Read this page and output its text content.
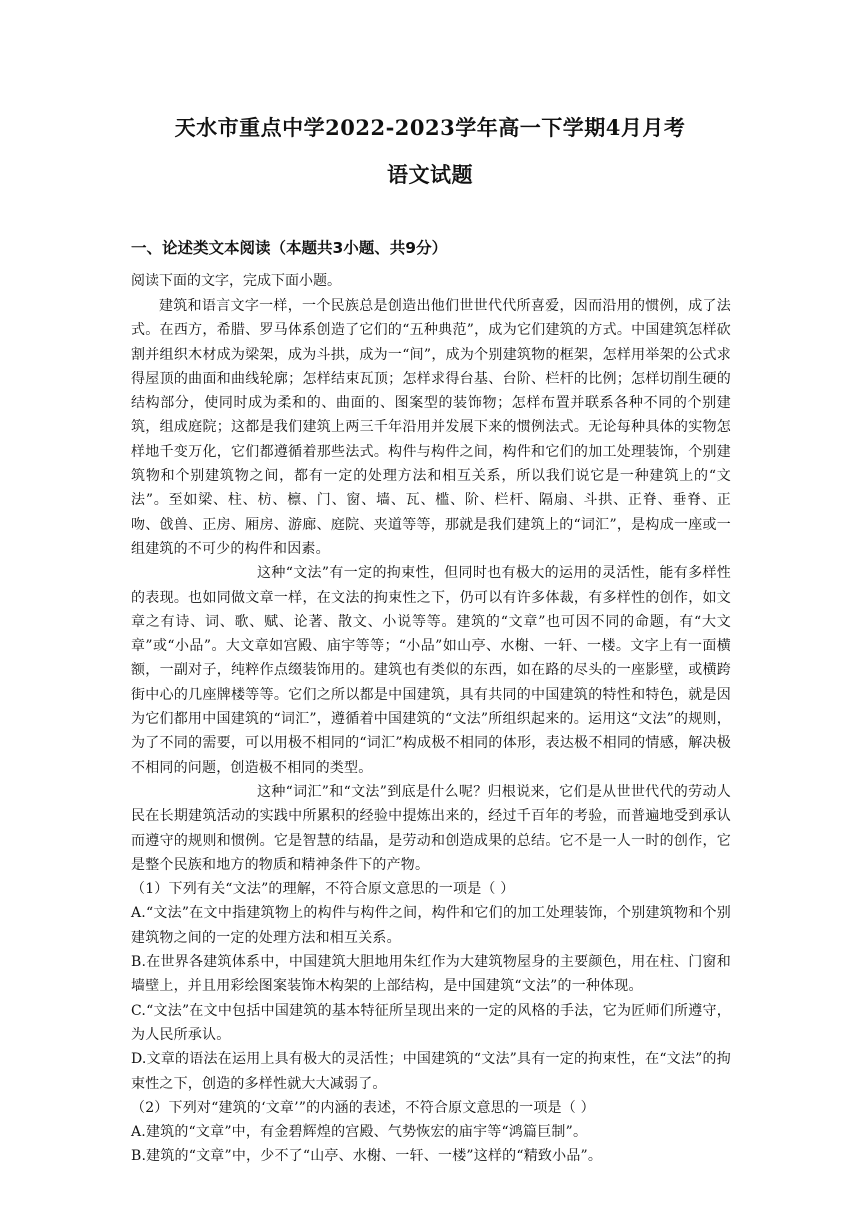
天水市重点中学2022-2023学年高一下学期4月月考
语文试题
一、论述类文本阅读（本题共3小题、共9分）
阅读下面的文字，完成下面小题。

建筑和语言文字一样，一个民族总是创造出他们世世代代所喜爱，因而沿用的惯例，成了法式。在西方，希腊、罗马体系创造了它们的“五种典范”，成为它们建筑的方式。中国建筑怎样砍割并组织木材成为梁架，成为斗拱，成为一“间”，成为个别建筑物的框架，怎样用举架的公式求得屋顶的曲面和曲线轮廓；怎样结束瓦顶；怎样求得台基、台阶、栏杆的比例；怎样切削生硬的结构部分，使同时成为柔和的、曲面的、图案型的装饰物；怎样布置并联系各种不同的个别建筑，组成庭院；这都是我们建筑上两三千年沿用并发展下来的惯例法式。无论每种具体的实物怎样地千变万化，它们都遵循着那些法式。构件与构件之间，构件和它们的加工处理装饰，个别建筑物和个别建筑物之间，都有一定的处理方法和相互关系，所以我们说它是一种建筑上的“文法”。至如梁、柱、枋、檩、门、窗、墙、瓦、槛、阶、栏杆、隔扇、斗拱、正脊、垂脊、正吻、戗兽、正房、厢房、游廊、庭院、夹道等等，那就是我们建筑上的“词汇”，是构成一座或一组建筑的不可少的构件和因素。

这种“文法”有一定的拘束性，但同时也有极大的运用的灵活性，能有多样性的表现。也如同做文章一样，在文法的拘束性之下，仍可以有许多体裁，有多样性的创作，如文章之有诗、词、歌、赋、论著、散文、小说等等。建筑的“文章”也可因不同的命题，有“大文章”或“小品”。大文章如宫殿、庙宇等等；“小品”如山亭、水榭、一轩、一楼。文字上有一面横额，一副对子，纯粹作点缀装饰用的。建筑也有类似的东西，如在路的尽头的一座影壁，或横跨街中心的几座牌楼等等。它们之所以都是中国建筑，具有共同的中国建筑的特性和特色，就是因为它们都用中国建筑的“词汇”，遵循着中国建筑的“文法”所组织起来的。运用这“文法”的规则，为了不同的需要，可以用极不相同的“词汇”构成极不相同的体形，表达极不相同的情感，解决极不相同的问题，创造极不相同的类型。

这种“词汇”和“文法”到底是什么呢？归根说来，它们是从世世代代的劳动人民在长期建筑活动的实践中所累积的经验中提炼出来的，经过千百年的考验，而普遍地受到承认而遵守的规则和惯例。它是智慧的结晶，是劳动和创造成果的总结。它不是一人一时的创作，它是整个民族和地方的物质和精神条件下的产物。

（1）下列有关“文法”的理解，不符合原文意思的一项是（ ）

A.“文法”在文中指建筑物上的构件与构件之间，构件和它们的加工处理装饰，个别建筑物和个别建筑物之间的一定的处理方法和相互关系。

B.在世界各建筑体系中，中国建筑大胆地用朱红作为大建筑物屋身的主要颜色，用在柱、门窗和墙壁上，并且用彩绘图案装饰木构架的上部结构，是中国建筑“文法”的一种体现。

C.“文法”在文中包括中国建筑的基本特征所呈现出来的一定的风格的手法，它为匠师们所遵守，为人民所承认。

D.文章的语法在运用上具有极大的灵活性；中国建筑的“文法”具有一定的拘束性，在“文法”的拘束性之下，创造的多样性就大大减弱了。

（2）下列对“建筑的‘文章’”的内涵的表述，不符合原文意思的一项是（ ）

A.建筑的“文章”中，有金碧辉煌的宫殿、气势恢宏的庙宇等“鸿篇巨制”。

B.建筑的“文章”中，少不了“山亭、水榭、一轩、一楼”这样的“精致小品”。
